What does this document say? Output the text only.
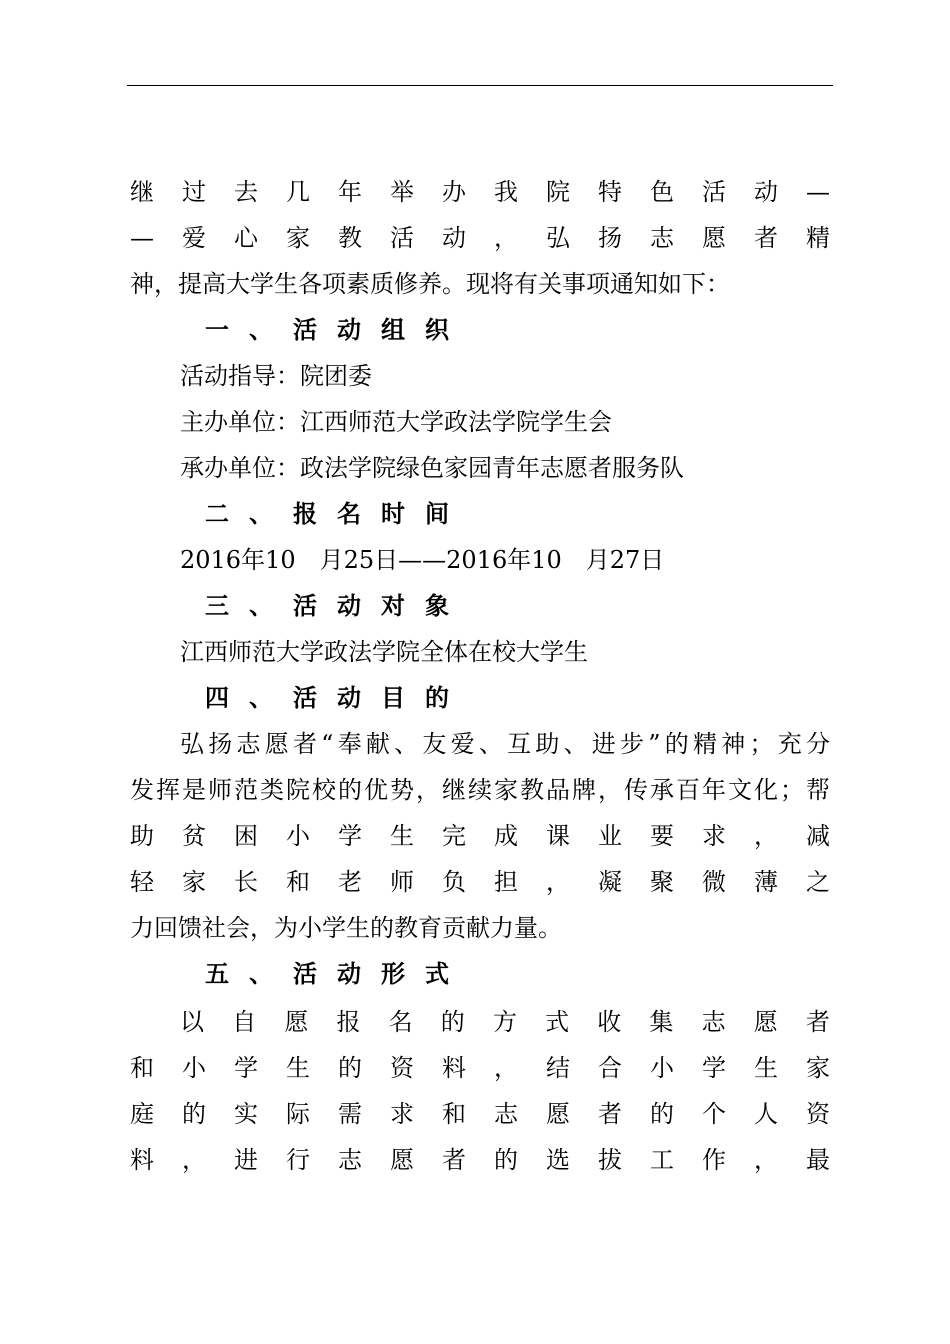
继 过 去 几 年 举 办 我 院 特 色 活 动 —
— 爱 心 家 教 活 动 ， 弘 扬 志 愿 者 精
神，提高大学生各项素质修养。现将有关事项通知如下：
一、活动组织
活动指导：院团委
主办单位：江西师范大学政法学院学生会
承办单位：政法学院绿色家园青年志愿者服务队
二、报名时间
2016年10　月25日——2016年10　月27日
三、活动对象
江西师范大学政法学院全体在校大学生
四、活动目的
弘 扬 志 愿 者 “ 奉 献 、 友 爱 、 互 助 、 进 步 ” 的 精 神 ； 充 分
发 挥 是 师 范 类 院 校 的 优 势 ， 继 续 家 教 品 牌 ， 传 承 百 年 文 化 ； 帮
助 贫 困 小 学 生 完 成 课 业 要 求 ， 减
轻 家 长 和 老 师 负 担 ， 凝 聚 微 薄 之
力回馈社会，为小学生的教育贡献力量。
五、活动形式
以 自 愿 报 名 的 方 式 收 集 志 愿 者
和 小 学 生 的 资 料 ， 结 合 小 学 生 家
庭 的 实 际 需 求 和 志 愿 者 的 个 人 资
料 ， 进 行 志 愿 者 的 选 拔 工 作 ， 最
